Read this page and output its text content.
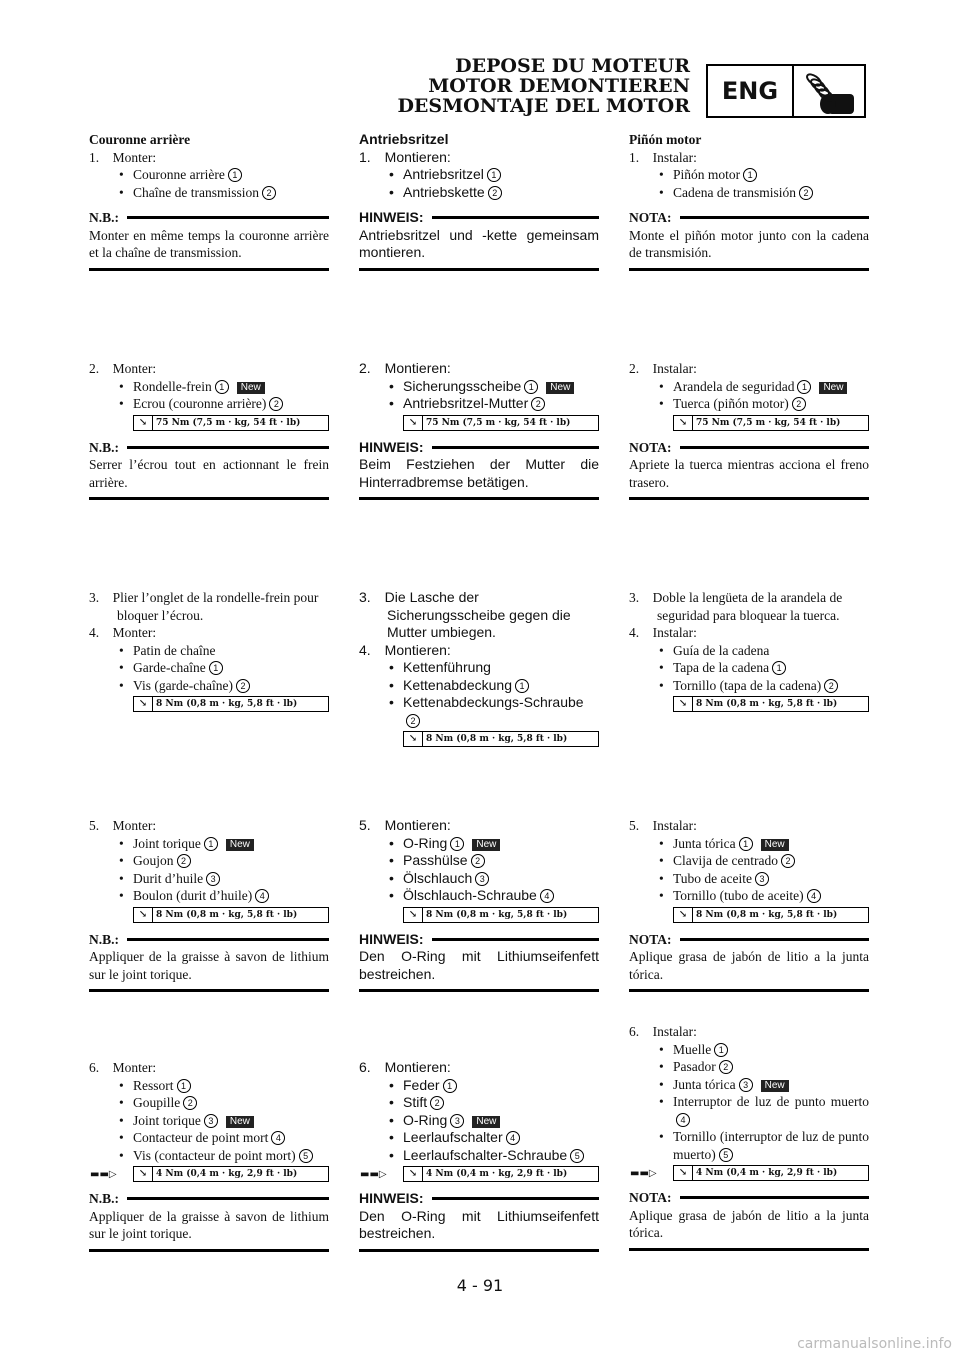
DEPOSE DU MOTEUR
MOTOR DEMONTIEREN
DESMONTAJE DEL MOTOR
ENG
Couronne arrière
1. Monter:
• Couronne arrière 1
• Chaîne de transmission 2
N.B.:
Monter en même temps la couronne arrière et la chaîne de transmission.
2. Monter:
• Rondelle-frein 1 New
• Ecrou (couronne arrière) 2
↘ 75 Nm (7,5 m · kg, 54 ft · lb)
N.B.:
Serrer l’écrou tout en actionnant le frein arrière.
3. Plier l’onglet de la rondelle-frein pour bloquer l’écrou.
4. Monter:
• Patin de chaîne
• Garde-chaîne 1
• Vis (garde-chaîne) 2
↘ 8 Nm (0,8 m · kg, 5,8 ft · lb)
5. Monter:
• Joint torique 1 New
• Goujon 2
• Durit d’huile 3
• Boulon (durit d’huile) 4
↘ 8 Nm (0,8 m · kg, 5,8 ft · lb)
N.B.:
Appliquer de la graisse à savon de lithium sur le joint torique.
6. Monter:
• Ressort 1
• Goupille 2
• Joint torique 3 New
• Contacteur de point mort 4
• Vis (contacteur de point mort) 5
▬▬▷ ↘ 4 Nm (0,4 m · kg, 2,9 ft · lb)
N.B.:
Appliquer de la graisse à savon de lithium sur le joint torique.
Antriebsritzel
1. Montieren:
• Antriebsritzel 1
• Antriebskette 2
HINWEIS:
Antriebsritzel und -kette gemeinsam montieren.
2. Montieren:
• Sicherungsscheibe 1 New
• Antriebsritzel-Mutter 2
↘ 75 Nm (7,5 m · kg, 54 ft · lb)
HINWEIS:
Beim Festziehen der Mutter die Hinterradbremse betätigen.
3. Die Lasche der Sicherungsscheibe gegen die Mutter umbiegen.
4. Montieren:
• Kettenführung
• Kettenabdeckung 1
• Kettenabdeckungs-Schraube 2
↘ 8 Nm (0,8 m · kg, 5,8 ft · lb)
5. Montieren:
• O-Ring 1 New
• Passhülse 2
• Ölschlauch 3
• Ölschlauch-Schraube 4
↘ 8 Nm (0,8 m · kg, 5,8 ft · lb)
HINWEIS:
Den O-Ring mit Lithiumseifenfett bestreichen.
6. Montieren:
• Feder 1
• Stift 2
• O-Ring 3 New
• Leerlaufschalter 4
• Leerlaufschalter-Schraube 5
▬▬▷ ↘ 4 Nm (0,4 m · kg, 2,9 ft · lb)
HINWEIS:
Den O-Ring mit Lithiumseifenfett bestreichen.
Piñón motor
1. Instalar:
• Piñón motor 1
• Cadena de transmisión 2
NOTA:
Monte el piñón motor junto con la cadena de transmisión.
2. Instalar:
• Arandela de seguridad 1 New
• Tuerca (piñón motor) 2
↘ 75 Nm (7,5 m · kg, 54 ft · lb)
NOTA:
Apriete la tuerca mientras acciona el freno trasero.
3. Doble la lengüeta de la arandela de seguridad para bloquear la tuerca.
4. Instalar:
• Guía de la cadena
• Tapa de la cadena 1
• Tornillo (tapa de la cadena) 2
↘ 8 Nm (0,8 m · kg, 5,8 ft · lb)
5. Instalar:
• Junta tórica 1 New
• Clavija de centrado 2
• Tubo de aceite 3
• Tornillo (tubo de aceite) 4
↘ 8 Nm (0,8 m · kg, 5,8 ft · lb)
NOTA:
Aplique grasa de jabón de litio a la junta tórica.
6. Instalar:
• Muelle 1
• Pasador 2
• Junta tórica 3 New
• Interruptor de luz de punto muerto4
• Tornillo (interruptor de luz de punto muerto) 5
▬▬▷ ↘ 4 Nm (0,4 m · kg, 2,9 ft · lb)
NOTA:
Aplique grasa de jabón de litio a la junta tórica.
4 - 91
carmanualsonline.info
